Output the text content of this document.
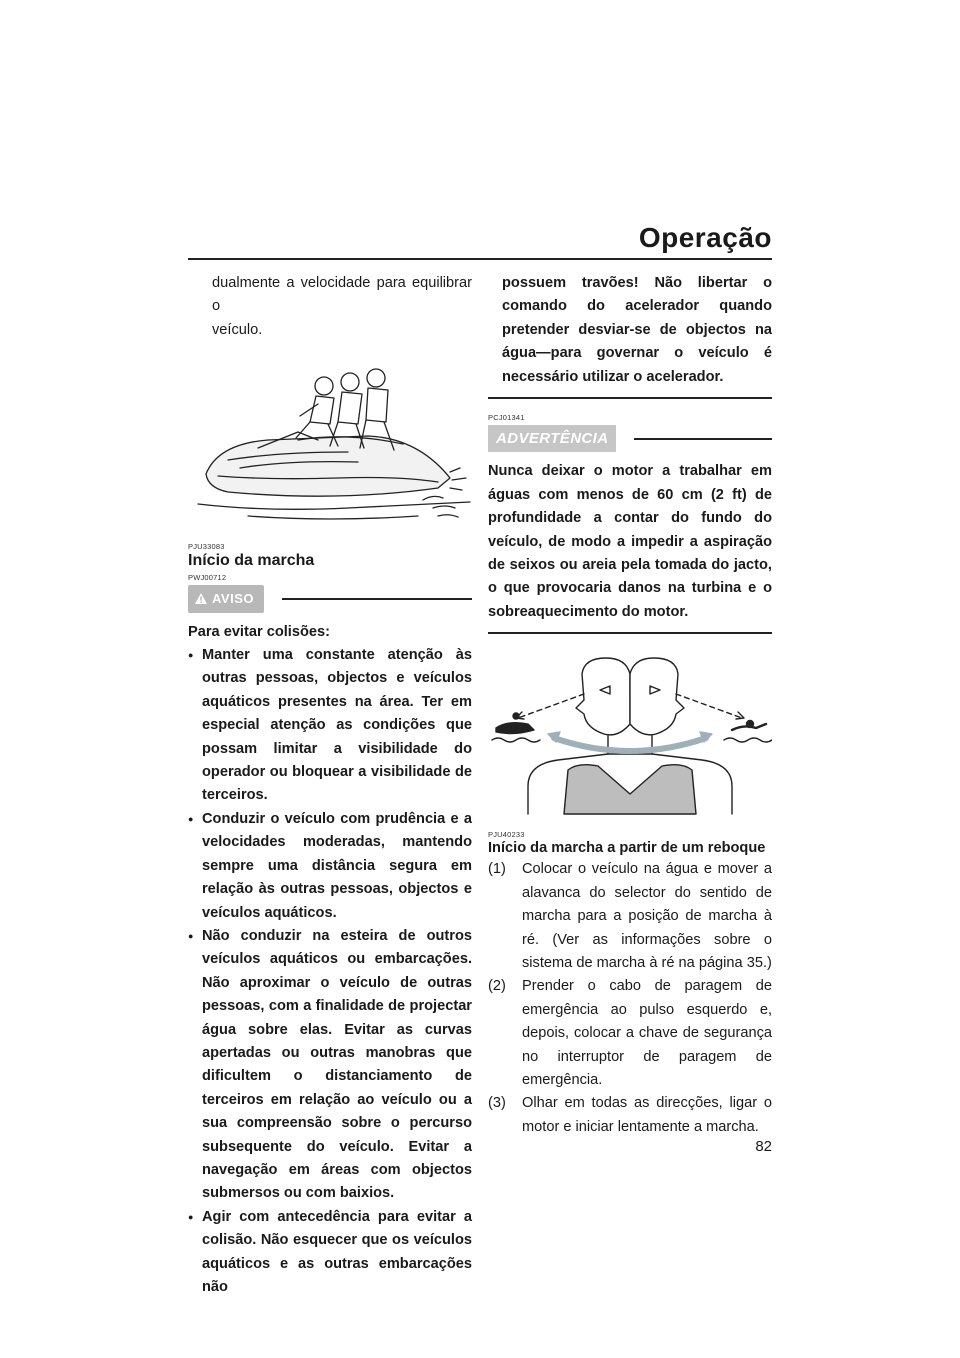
Operação

dualmente a velocidade para equilibrar o

veículo.

PJU33083

Início da marcha

PWJ00712

AVISO

Para evitar colisões:

● Manter uma constante atenção às outras pessoas, objectos e veículos aquáticos presentes na área. Ter em especial atenção as condições que possam limitar a visibilidade do operador ou bloquear a visibilidade de terceiros.
● Conduzir o veículo com prudência e a velocidades moderadas, mantendo sempre uma distância segura em relação às outras pessoas, objectos e veículos aquáticos.
● Não conduzir na esteira de outros veículos aquáticos ou embarcações. Não aproximar o veículo de outras pessoas, com a finalidade de projectar água sobre elas. Evitar as curvas apertadas ou outras manobras que dificultem o distanciamento de terceiros em relação ao veículo ou a sua compreensão sobre o percurso subsequente do veículo. Evitar a navegação em áreas com objectos submersos ou com baixios.
● Agir com antecedência para evitar a colisão. Não esquecer que os veículos aquáticos e as outras embarcações não

possuem travões! Não libertar o comando do acelerador quando pretender desviar-se de objectos na água—para governar o veículo é necessário utilizar o acelerador.

PCJ01341

ADVERTÊNCIA

Nunca deixar o motor a trabalhar em águas com menos de 60 cm (2 ft) de profundidade a contar do fundo do veículo, de modo a impedir a aspiração de seixos ou areia pela tomada do jacto, o que provocaria danos na turbina e o sobreaquecimento do motor.

PJU40233

Início da marcha a partir de um reboque

(1)	Colocar o veículo na água e mover a alavanca do selector do sentido de marcha para a posição de marcha à ré. (Ver as informações sobre o sistema de marcha à ré na página 35.)
(2)	Prender o cabo de paragem de emergência ao pulso esquerdo e, depois, colocar a chave de segurança no interruptor de paragem de emergência.
(3)	Olhar em todas as direcções, ligar o motor e iniciar lentamente a marcha.
82
